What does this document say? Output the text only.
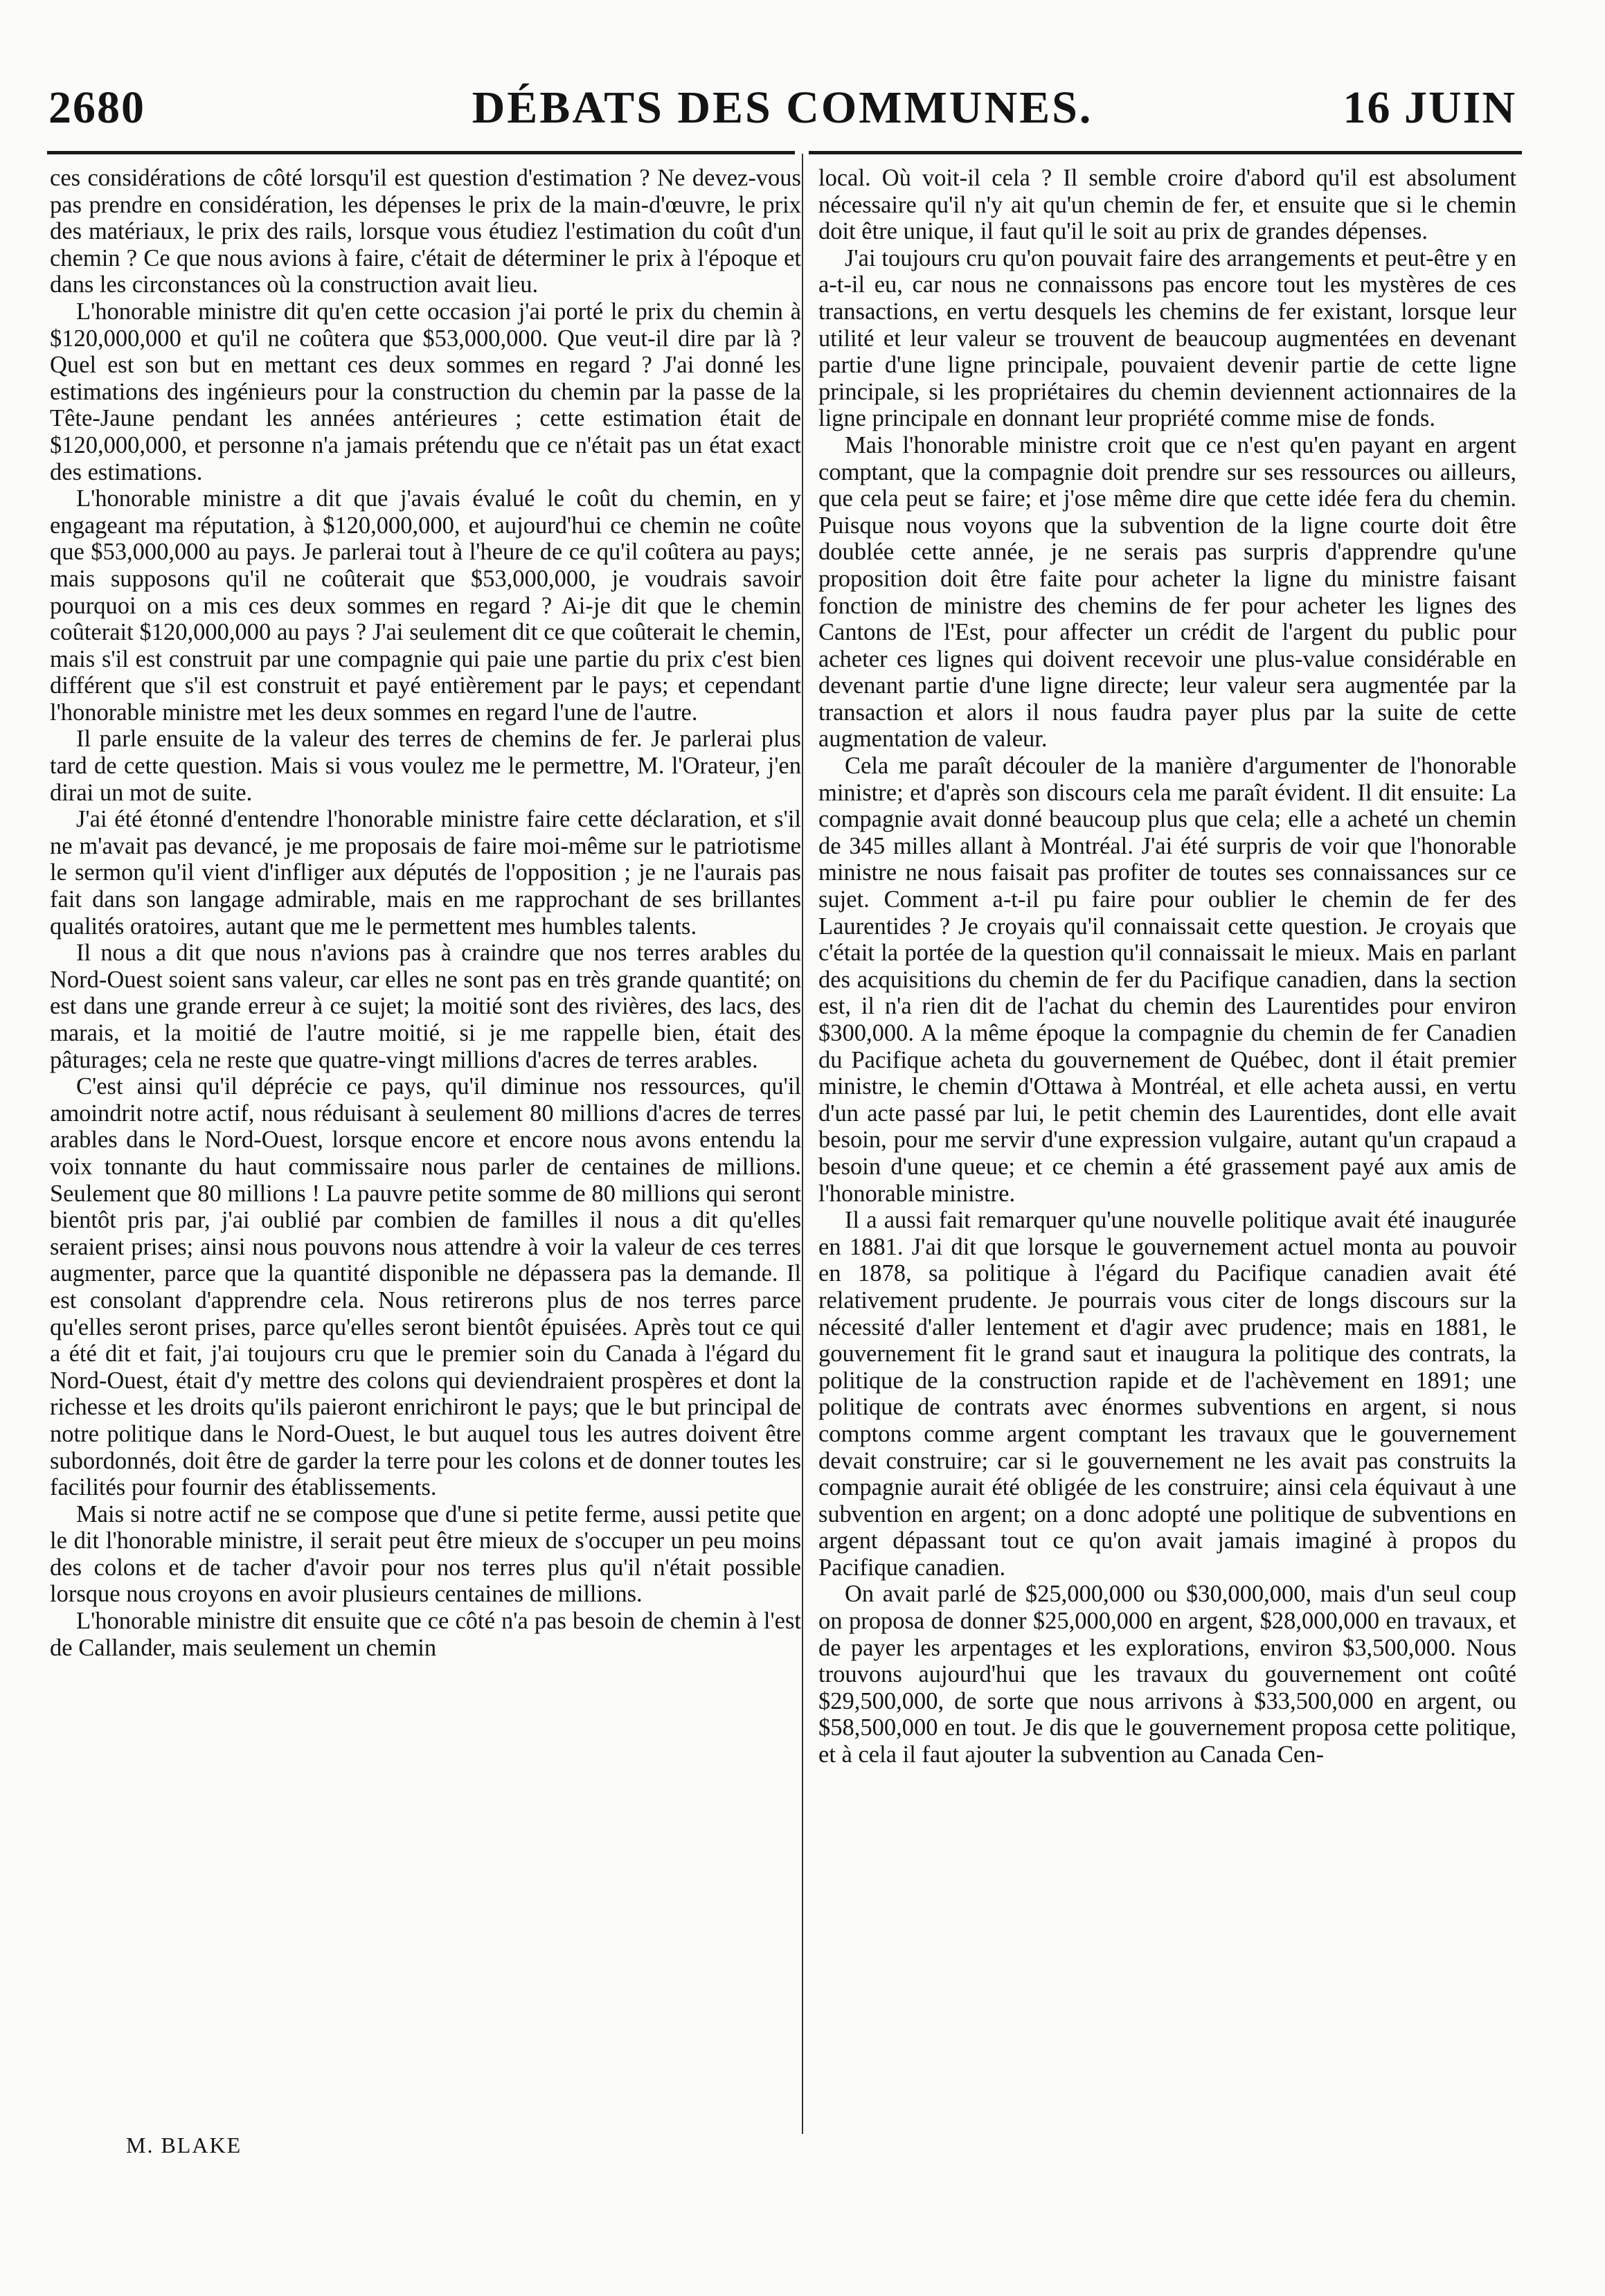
2680	DÉBATS DES COMMUNES.	16 JUIN

ces considérations de côté lorsqu'il est question d'estimation ? Ne devez-vous pas prendre en considération, les dépenses le prix de la main-d'œuvre, le prix des matériaux, le prix des rails, lorsque vous étudiez l'estimation du coût d'un chemin ? Ce que nous avions à faire, c'était de déterminer le prix à l'époque et dans les circonstances où la construction avait lieu.

L'honorable ministre dit qu'en cette occasion j'ai porté le prix du chemin à $120,000,000 et qu'il ne coûtera que $53,000,000. Que veut-il dire par là ? Quel est son but en mettant ces deux sommes en regard ? J'ai donné les estimations des ingénieurs pour la construction du chemin par la passe de la Tête-Jaune pendant les années antérieures ; cette estimation était de $120,000,000, et personne n'a jamais prétendu que ce n'était pas un état exact des estimations.

L'honorable ministre a dit que j'avais évalué le coût du chemin, en y engageant ma réputation, à $120,000,000, et aujourd'hui ce chemin ne coûte que $53,000,000 au pays. Je parlerai tout à l'heure de ce qu'il coûtera au pays; mais supposons qu'il ne coûterait que $53,000,000, je voudrais savoir pourquoi on a mis ces deux sommes en regard ? Ai-je dit que le chemin coûterait $120,000,000 au pays ? J'ai seulement dit ce que coûterait le chemin, mais s'il est construit par une compagnie qui paie une partie du prix c'est bien différent que s'il est construit et payé entièrement par le pays; et cependant l'honorable ministre met les deux sommes en regard l'une de l'autre.

Il parle ensuite de la valeur des terres de chemins de fer. Je parlerai plus tard de cette question. Mais si vous voulez me le permettre, M. l'Orateur, j'en dirai un mot de suite.

J'ai été étonné d'entendre l'honorable ministre faire cette déclaration, et s'il ne m'avait pas devancé, je me proposais de faire moi-même sur le patriotisme le sermon qu'il vient d'infliger aux députés de l'opposition ; je ne l'aurais pas fait dans son langage admirable, mais en me rapprochant de ses brillantes qualités oratoires, autant que me le permettent mes humbles talents.

Il nous a dit que nous n'avions pas à craindre que nos terres arables du Nord-Ouest soient sans valeur, car elles ne sont pas en très grande quantité; on est dans une grande erreur à ce sujet; la moitié sont des rivières, des lacs, des marais, et la moitié de l'autre moitié, si je me rappelle bien, était des pâturages; cela ne reste que quatre-vingt millions d'acres de terres arables.

C'est ainsi qu'il déprécie ce pays, qu'il diminue nos ressources, qu'il amoindrit notre actif, nous réduisant à seulement 80 millions d'acres de terres arables dans le Nord-Ouest, lorsque encore et encore nous avons entendu la voix tonnante du haut commissaire nous parler de centaines de millions. Seulement que 80 millions ! La pauvre petite somme de 80 millions qui seront bientôt pris par, j'ai oublié par combien de familles il nous a dit qu'elles seraient prises; ainsi nous pouvons nous attendre à voir la valeur de ces terres augmenter, parce que la quantité disponible ne dépassera pas la demande. Il est consolant d'apprendre cela. Nous retirerons plus de nos terres parce qu'elles seront prises, parce qu'elles seront bientôt épuisées. Après tout ce qui a été dit et fait, j'ai toujours cru que le premier soin du Canada à l'égard du Nord-Ouest, était d'y mettre des colons qui deviendraient prospères et dont la richesse et les droits qu'ils paieront enrichiront le pays; que le but principal de notre politique dans le Nord-Ouest, le but auquel tous les autres doivent être subordonnés, doit être de garder la terre pour les colons et de donner toutes les facilités pour fournir des établissements.

Mais si notre actif ne se compose que d'une si petite ferme, aussi petite que le dit l'honorable ministre, il serait peut être mieux de s'occuper un peu moins des colons et de tacher d'avoir pour nos terres plus qu'il n'était possible lorsque nous croyons en avoir plusieurs centaines de millions.

L'honorable ministre dit ensuite que ce côté n'a pas besoin de chemin à l'est de Callander, mais seulement un chemin

local. Où voit-il cela ? Il semble croire d'abord qu'il est absolument nécessaire qu'il n'y ait qu'un chemin de fer, et ensuite que si le chemin doit être unique, il faut qu'il le soit au prix de grandes dépenses.

J'ai toujours cru qu'on pouvait faire des arrangements et peut-être y en a-t-il eu, car nous ne connaissons pas encore tout les mystères de ces transactions, en vertu desquels les chemins de fer existant, lorsque leur utilité et leur valeur se trouvent de beaucoup augmentées en devenant partie d'une ligne principale, pouvaient devenir partie de cette ligne principale, si les propriétaires du chemin deviennent actionnaires de la ligne principale en donnant leur propriété comme mise de fonds.

Mais l'honorable ministre croit que ce n'est qu'en payant en argent comptant, que la compagnie doit prendre sur ses ressources ou ailleurs, que cela peut se faire; et j'ose même dire que cette idée fera du chemin. Puisque nous voyons que la subvention de la ligne courte doit être doublée cette année, je ne serais pas surpris d'apprendre qu'une proposition doit être faite pour acheter la ligne du ministre faisant fonction de ministre des chemins de fer pour acheter les lignes des Cantons de l'Est, pour affecter un crédit de l'argent du public pour acheter ces lignes qui doivent recevoir une plus-value considérable en devenant partie d'une ligne directe; leur valeur sera augmentée par la transaction et alors il nous faudra payer plus par la suite de cette augmentation de valeur.

Cela me paraît découler de la manière d'argumenter de l'honorable ministre; et d'après son discours cela me paraît évident. Il dit ensuite: La compagnie avait donné beaucoup plus que cela; elle a acheté un chemin de 345 milles allant à Montréal. J'ai été surpris de voir que l'honorable ministre ne nous faisait pas profiter de toutes ses connaissances sur ce sujet. Comment a-t-il pu faire pour oublier le chemin de fer des Laurentides ? Je croyais qu'il connaissait cette question. Je croyais que c'était la portée de la question qu'il connaissait le mieux. Mais en parlant des acquisitions du chemin de fer du Pacifique canadien, dans la section est, il n'a rien dit de l'achat du chemin des Laurentides pour environ $300,000. A la même époque la compagnie du chemin de fer Canadien du Pacifique acheta du gouvernement de Québec, dont il était premier ministre, le chemin d'Ottawa à Montréal, et elle acheta aussi, en vertu d'un acte passé par lui, le petit chemin des Laurentides, dont elle avait besoin, pour me servir d'une expression vulgaire, autant qu'un crapaud a besoin d'une queue; et ce chemin a été grassement payé aux amis de l'honorable ministre.

Il a aussi fait remarquer qu'une nouvelle politique avait été inaugurée en 1881. J'ai dit que lorsque le gouvernement actuel monta au pouvoir en 1878, sa politique à l'égard du Pacifique canadien avait été relativement prudente. Je pourrais vous citer de longs discours sur la nécessité d'aller lentement et d'agir avec prudence; mais en 1881, le gouvernement fit le grand saut et inaugura la politique des contrats, la politique de la construction rapide et de l'achèvement en 1891; une politique de contrats avec énormes subventions en argent, si nous comptons comme argent comptant les travaux que le gouvernement devait construire; car si le gouvernement ne les avait pas construits la compagnie aurait été obligée de les construire; ainsi cela équivaut à une subvention en argent; on a donc adopté une politique de subventions en argent dépassant tout ce qu'on avait jamais imaginé à propos du Pacifique canadien.

On avait parlé de $25,000,000 ou $30,000,000, mais d'un seul coup on proposa de donner $25,000,000 en argent, $28,000,000 en travaux, et de payer les arpentages et les explorations, environ $3,500,000. Nous trouvons aujourd'hui que les travaux du gouvernement ont coûté $29,500,000, de sorte que nous arrivons à $33,500,000 en argent, ou $58,500,000 en tout. Je dis que le gouvernement proposa cette politique, et à cela il faut ajouter la subvention au Canada Cen-

M. BLAKE
